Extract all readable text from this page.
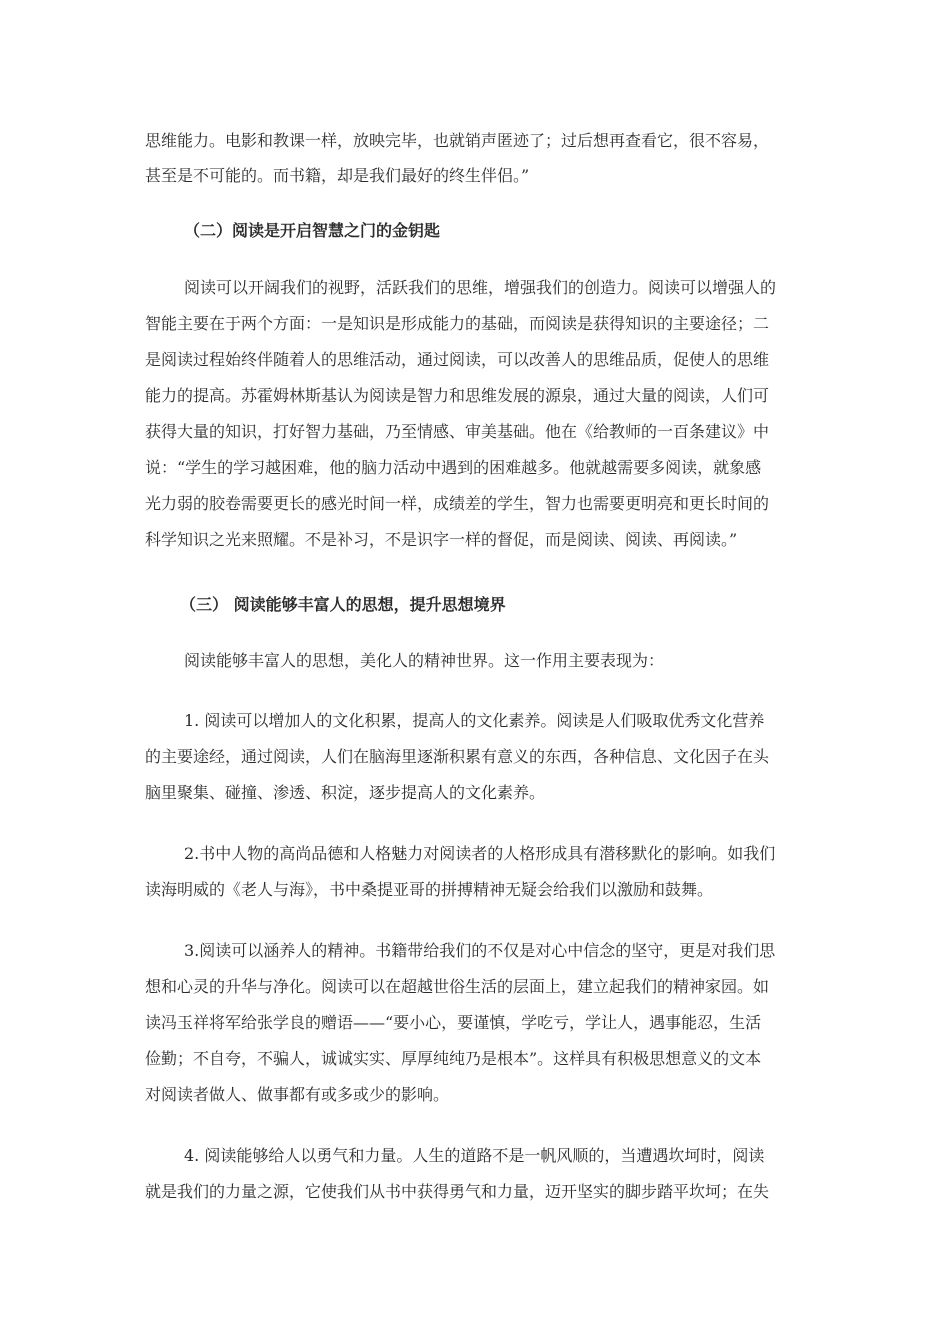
思维能力。电影和教课一样，放映完毕，也就销声匿迹了；过后想再查看它，很不容易，
甚至是不可能的。而书籍，却是我们最好的终生伴侣。”
（二）阅读是开启智慧之门的金钥匙
阅读可以开阔我们的视野，活跃我们的思维，增强我们的创造力。阅读可以增强人的
智能主要在于两个方面：一是知识是形成能力的基础，而阅读是获得知识的主要途径；二
是阅读过程始终伴随着人的思维活动，通过阅读，可以改善人的思维品质，促使人的思维
能力的提高。苏霍姆林斯基认为阅读是智力和思维发展的源泉，通过大量的阅读，人们可
获得大量的知识，打好智力基础，乃至情感、审美基础。他在《给教师的一百条建议》中
说：“学生的学习越困难，他的脑力活动中遇到的困难越多。他就越需要多阅读，就象感
光力弱的胶卷需要更长的感光时间一样，成绩差的学生，智力也需要更明亮和更长时间的
科学知识之光来照耀。不是补习，不是识字一样的督促，而是阅读、阅读、再阅读。”
（三） 阅读能够丰富人的思想，提升思想境界
阅读能够丰富人的思想，美化人的精神世界。这一作用主要表现为：
1. 阅读可以增加人的文化积累，提高人的文化素养。阅读是人们吸取优秀文化营养
的主要途经，通过阅读，人们在脑海里逐渐积累有意义的东西，各种信息、文化因子在头
脑里聚集、碰撞、渗透、积淀，逐步提高人的文化素养。
2.书中人物的高尚品德和人格魅力对阅读者的人格形成具有潜移默化的影响。如我们
读海明威的《老人与海》，书中桑提亚哥的拼搏精神无疑会给我们以激励和鼓舞。
3.阅读可以涵养人的精神。书籍带给我们的不仅是对心中信念的坚守，更是对我们思
想和心灵的升华与净化。阅读可以在超越世俗生活的层面上，建立起我们的精神家园。如
读冯玉祥将军给张学良的赠语——“要小心，要谨慎，学吃亏，学让人，遇事能忍，生活
俭勤；不自夸，不骗人，诚诚实实、厚厚纯纯乃是根本”。这样具有积极思想意义的文本
对阅读者做人、做事都有或多或少的影响。
4. 阅读能够给人以勇气和力量。人生的道路不是一帆风顺的，当遭遇坎坷时，阅读
就是我们的力量之源，它使我们从书中获得勇气和力量，迈开坚实的脚步踏平坎坷；在失
